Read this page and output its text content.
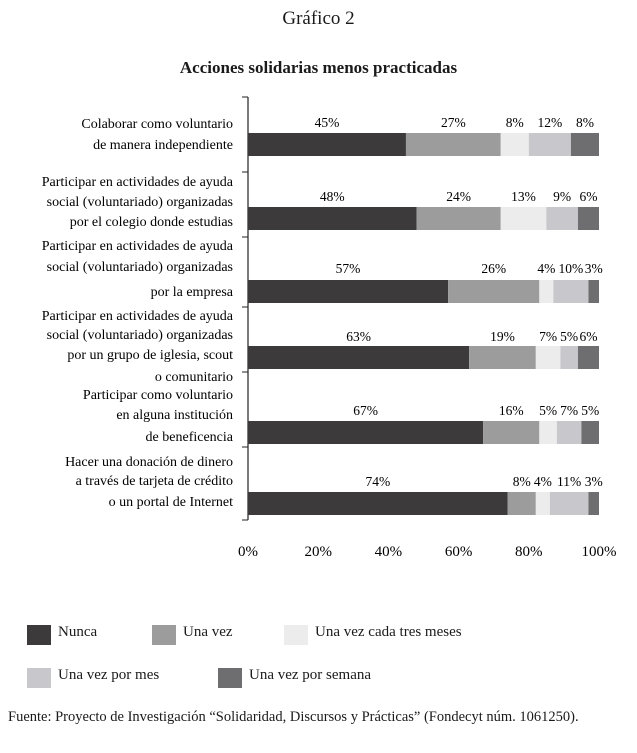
Gráfico 2
Acciones solidarias menos practicadas
Colaborar como voluntario
de manera independiente
Participar en actividades de ayuda
social (voluntariado) organizadas
por el colegio donde estudias
Participar en actividades de ayuda
social (voluntariado) organizadas
por la empresa
Participar en actividades de ayuda
social (voluntariado) organizadas
por un grupo de iglesia, scout
o comunitario
Participar como voluntario
en alguna institución
de beneficencia
Hacer una donación de dinero
a través de tarjeta de crédito
o un portal de Internet
45%	27%	8% 12% 8%
48%	24%	13% 9% 6%
57%	26% 4% 10% 3%
63%	19% 7% 5% 6%
67%	16% 5% 7% 5%
74%	8% 4% 11% 3%
0%	20%	40%	60%	80%	100%
Nunca	Una vez	Una vez cada tres meses
Una vez por mes	Una vez por semana
Fuente: Proyecto de Investigación “Solidaridad, Discursos y Prácticas” (Fondecyt núm. 1061250).
